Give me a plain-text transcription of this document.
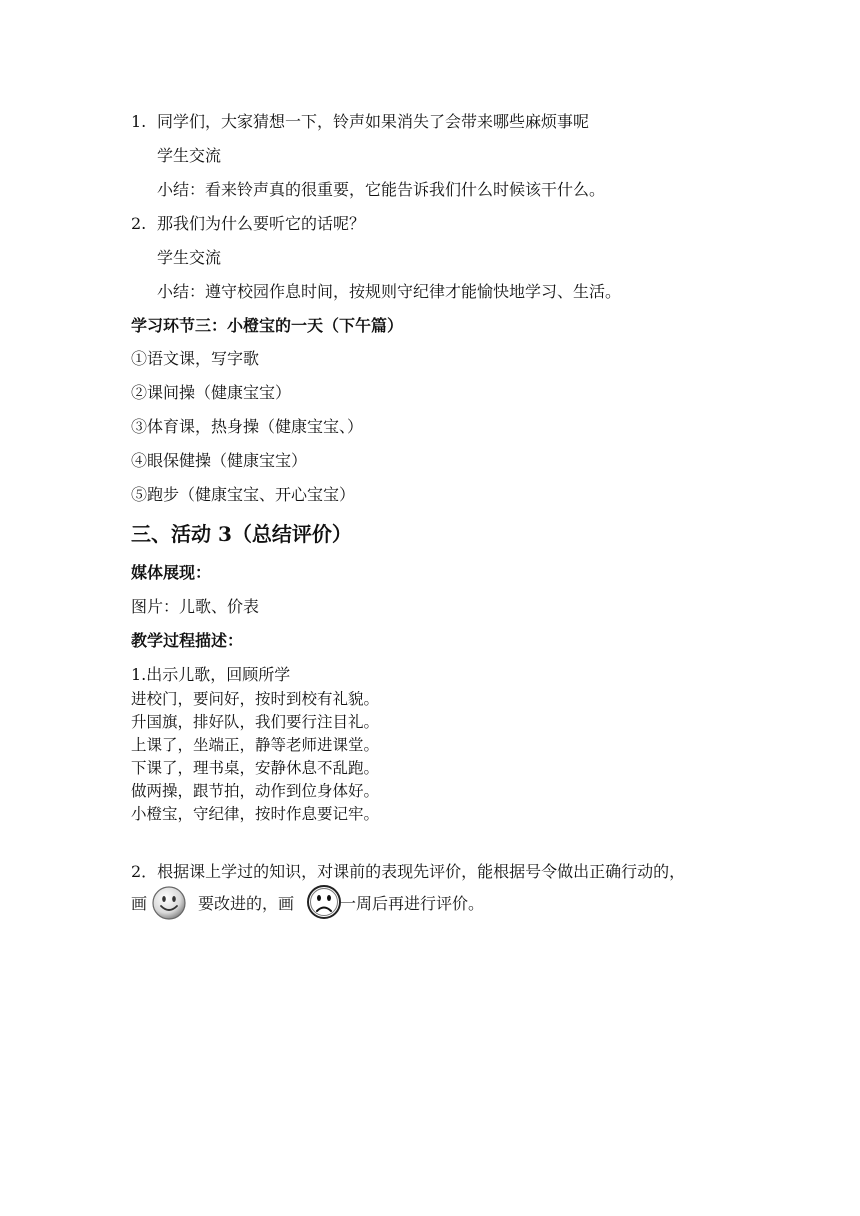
1. 同学们，大家猜想一下，铃声如果消失了会带来哪些麻烦事呢
学生交流
小结：看来铃声真的很重要，它能告诉我们什么时候该干什么。
2. 那我们为什么要听它的话呢？
学生交流
小结：遵守校园作息时间，按规则守纪律才能愉快地学习、生活。
学习环节三：小橙宝的一天（下午篇）
①语文课，写字歌
②课间操（健康宝宝）
③体育课，热身操（健康宝宝、）
④眼保健操（健康宝宝）
⑤跑步（健康宝宝、开心宝宝）
三、活动 3（总结评价）
媒体展现：
图片：儿歌、价表
教学过程描述：
1.出示儿歌，回顾所学
进校门，要问好，按时到校有礼貌。
升国旗，排好队，我们要行注目礼。
上课了，坐端正，静等老师进课堂。
下课了，理书桌，安静休息不乱跑。
做两操，跟节拍，动作到位身体好。
小橙宝，守纪律，按时作息要记牢。
2．根据课上学过的知识，对课前的表现先评价，能根据号令做出正确行动的，
画	要改进的，画	一周后再进行评价。
